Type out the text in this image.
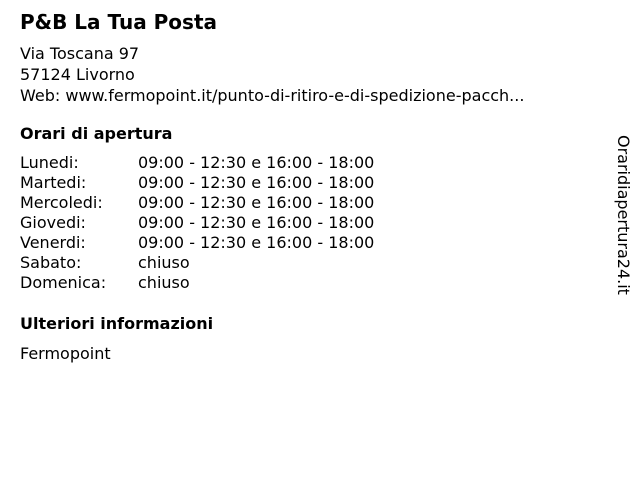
P&B La Tua Posta
Via Toscana 97
57124 Livorno
Web: www.fermopoint.it/punto-di-ritiro-e-di-spedizione-pacch...
Orari di apertura
Lunedi:	09:00 - 12:30 e 16:00 - 18:00
Martedi:	09:00 - 12:30 e 16:00 - 18:00
Mercoledi:	09:00 - 12:30 e 16:00 - 18:00
Giovedi:	09:00 - 12:30 e 16:00 - 18:00
Venerdi:	09:00 - 12:30 e 16:00 - 18:00
Sabato:	chiuso
Domenica:	chiuso
Ulteriori informazioni
Fermopoint
Oraridiapertura24.it
